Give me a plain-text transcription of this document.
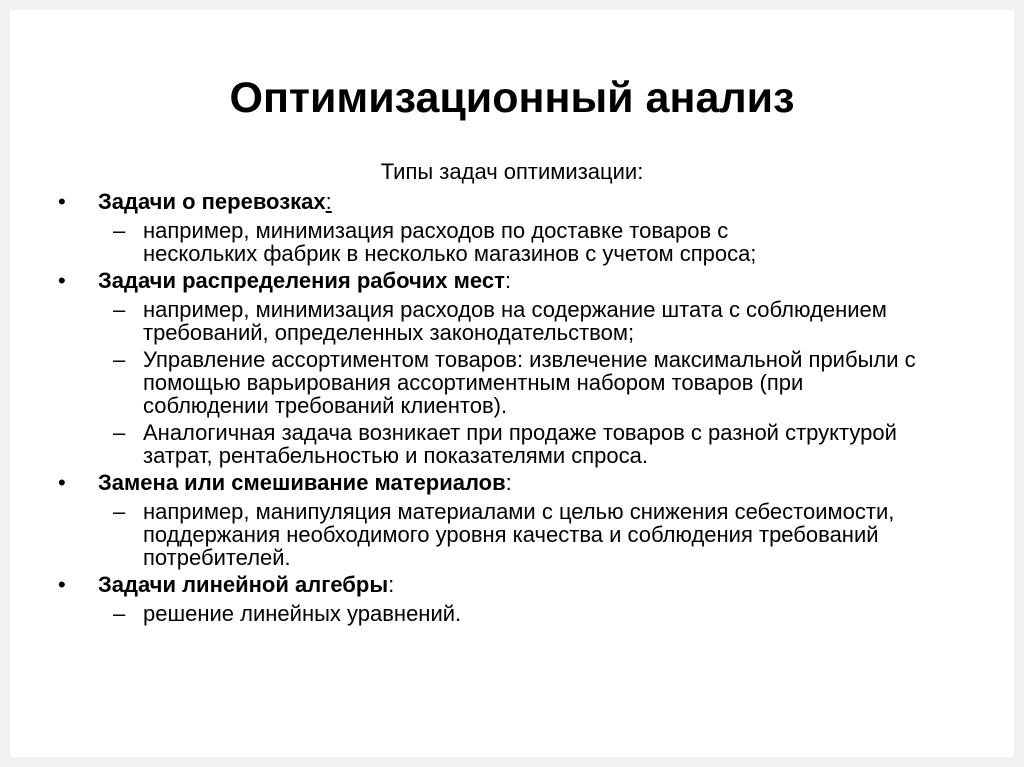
Оптимизационный анализ
Типы задач оптимизации:
•	Задачи о перевозках:
– например, минимизация расходов по доставке товаров с нескольких фабрик в несколько магазинов с учетом спроса;
•	Задачи распределения рабочих мест:
– например, минимизация расходов на содержание штата с соблюдением требований, определенных законодательством;
– Управление ассортиментом товаров: извлечение максимальной прибыли с помощью варьирования ассортиментным набором товаров (при соблюдении требований клиентов).
– Аналогичная задача возникает при продаже товаров с разной структурой затрат, рентабельностью и показателями спроса.
•	Замена или смешивание материалов:
– например, манипуляция материалами с целью снижения себестоимости, поддержания необходимого уровня качества и соблюдения требований потребителей.
•	Задачи линейной алгебры:
– решение линейных уравнений.
